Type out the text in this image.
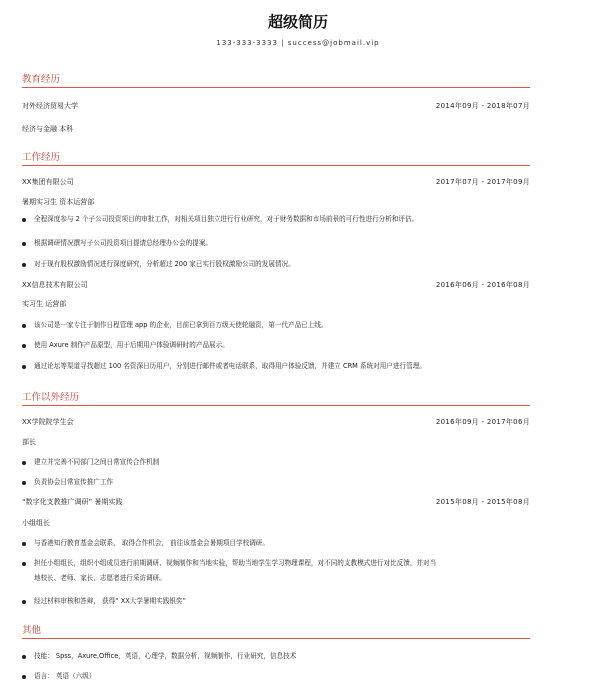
超级简历
133-333-3333 | success@jobmail.vip
教育经历
对外经济贸易大学	2014年09月 - 2018年07月
经济与金融 本科
工作经历
XX集团有限公司	2017年07月 - 2017年09月
暑期实习生 资本运营部
全程深度参与 2 个子公司投资项目的审批工作，对相关项目独立进行行业研究，对于财务数据和市场前景的可行性进行分析和评估。
根据调研情况撰写子公司投资项目提请总经理办公会的提案。
对于现有股权激励情况进行深度研究，分析超过 200 家已实行股权激励公司的发展情况。
XX信息技术有限公司	2016年06月 - 2016年08月
实习生 运营部
该公司是一家专注于制作日程管理 app 的企业，目前已拿到百万级天使轮融资，第一代产品已上线。
使用 Axure 制作产品原型，用于后期用户体验调研时的产品展示。
通过论坛等渠道寻找超过 100 名资深日历用户，分别进行邮件或者电话联系，取得用户体验反馈，并建立 CRM 系统对用户进行管理。
工作以外经历
XX学院院学生会	2016年09月 - 2017年06月
部长
建立并完善不同部门之间日常宣传合作机制
负责协会日常宣传推广工作
“数字化支教推广调研” 暑期实践	2015年08月 - 2015年08月
小组组长
与香港知行教育基金会联系， 取得合作机会， 前往该基金会暑期项目学校调研。
担任小组组长，组织小组成员进行前期调研、视频制作和当地实验，帮助当地学生学习物理课程，对不同的支教模式进行对比反馈，并对当
地校长、老师、家长、志愿者进行采访调研。
经过材料审核和答辩， 获得“ XX大学暑期实践银奖”
其他
技能： Spss，Axure,Office，英语，心理学，数据分析，视频制作，行业研究，信息技术
语言： 英语（六级）
